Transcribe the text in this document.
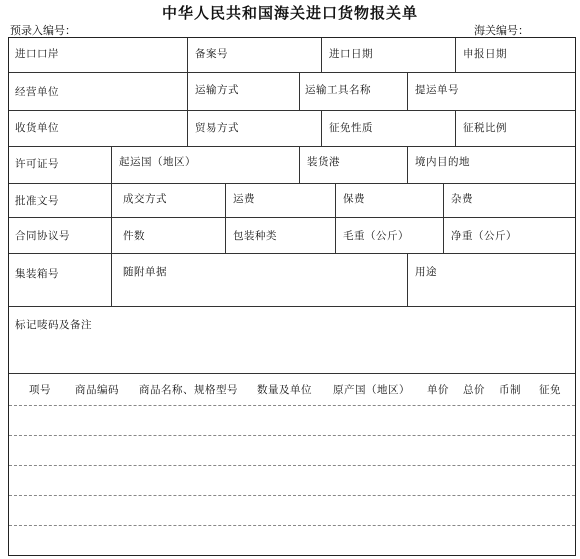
中华人民共和国海关进口货物报关单
预录入编号：	海关编号：
进口口岸	备案号	进口日期	申报日期
经营单位	运输方式	运输工具名称	提运单号
收货单位	贸易方式	征免性质	征税比例
许可证号	起运国（地区）	装货港	境内目的地
批准文号	成交方式	运费	保费	杂费
合同协议号	件数	包装种类	毛重（公斤）	净重（公斤）
集装箱号	随附单据	用途
标记唛码及备注
项号 商品编码 商品名称、规格型号 数量及单位 原产国（地区） 单价 总价 币制 征免
